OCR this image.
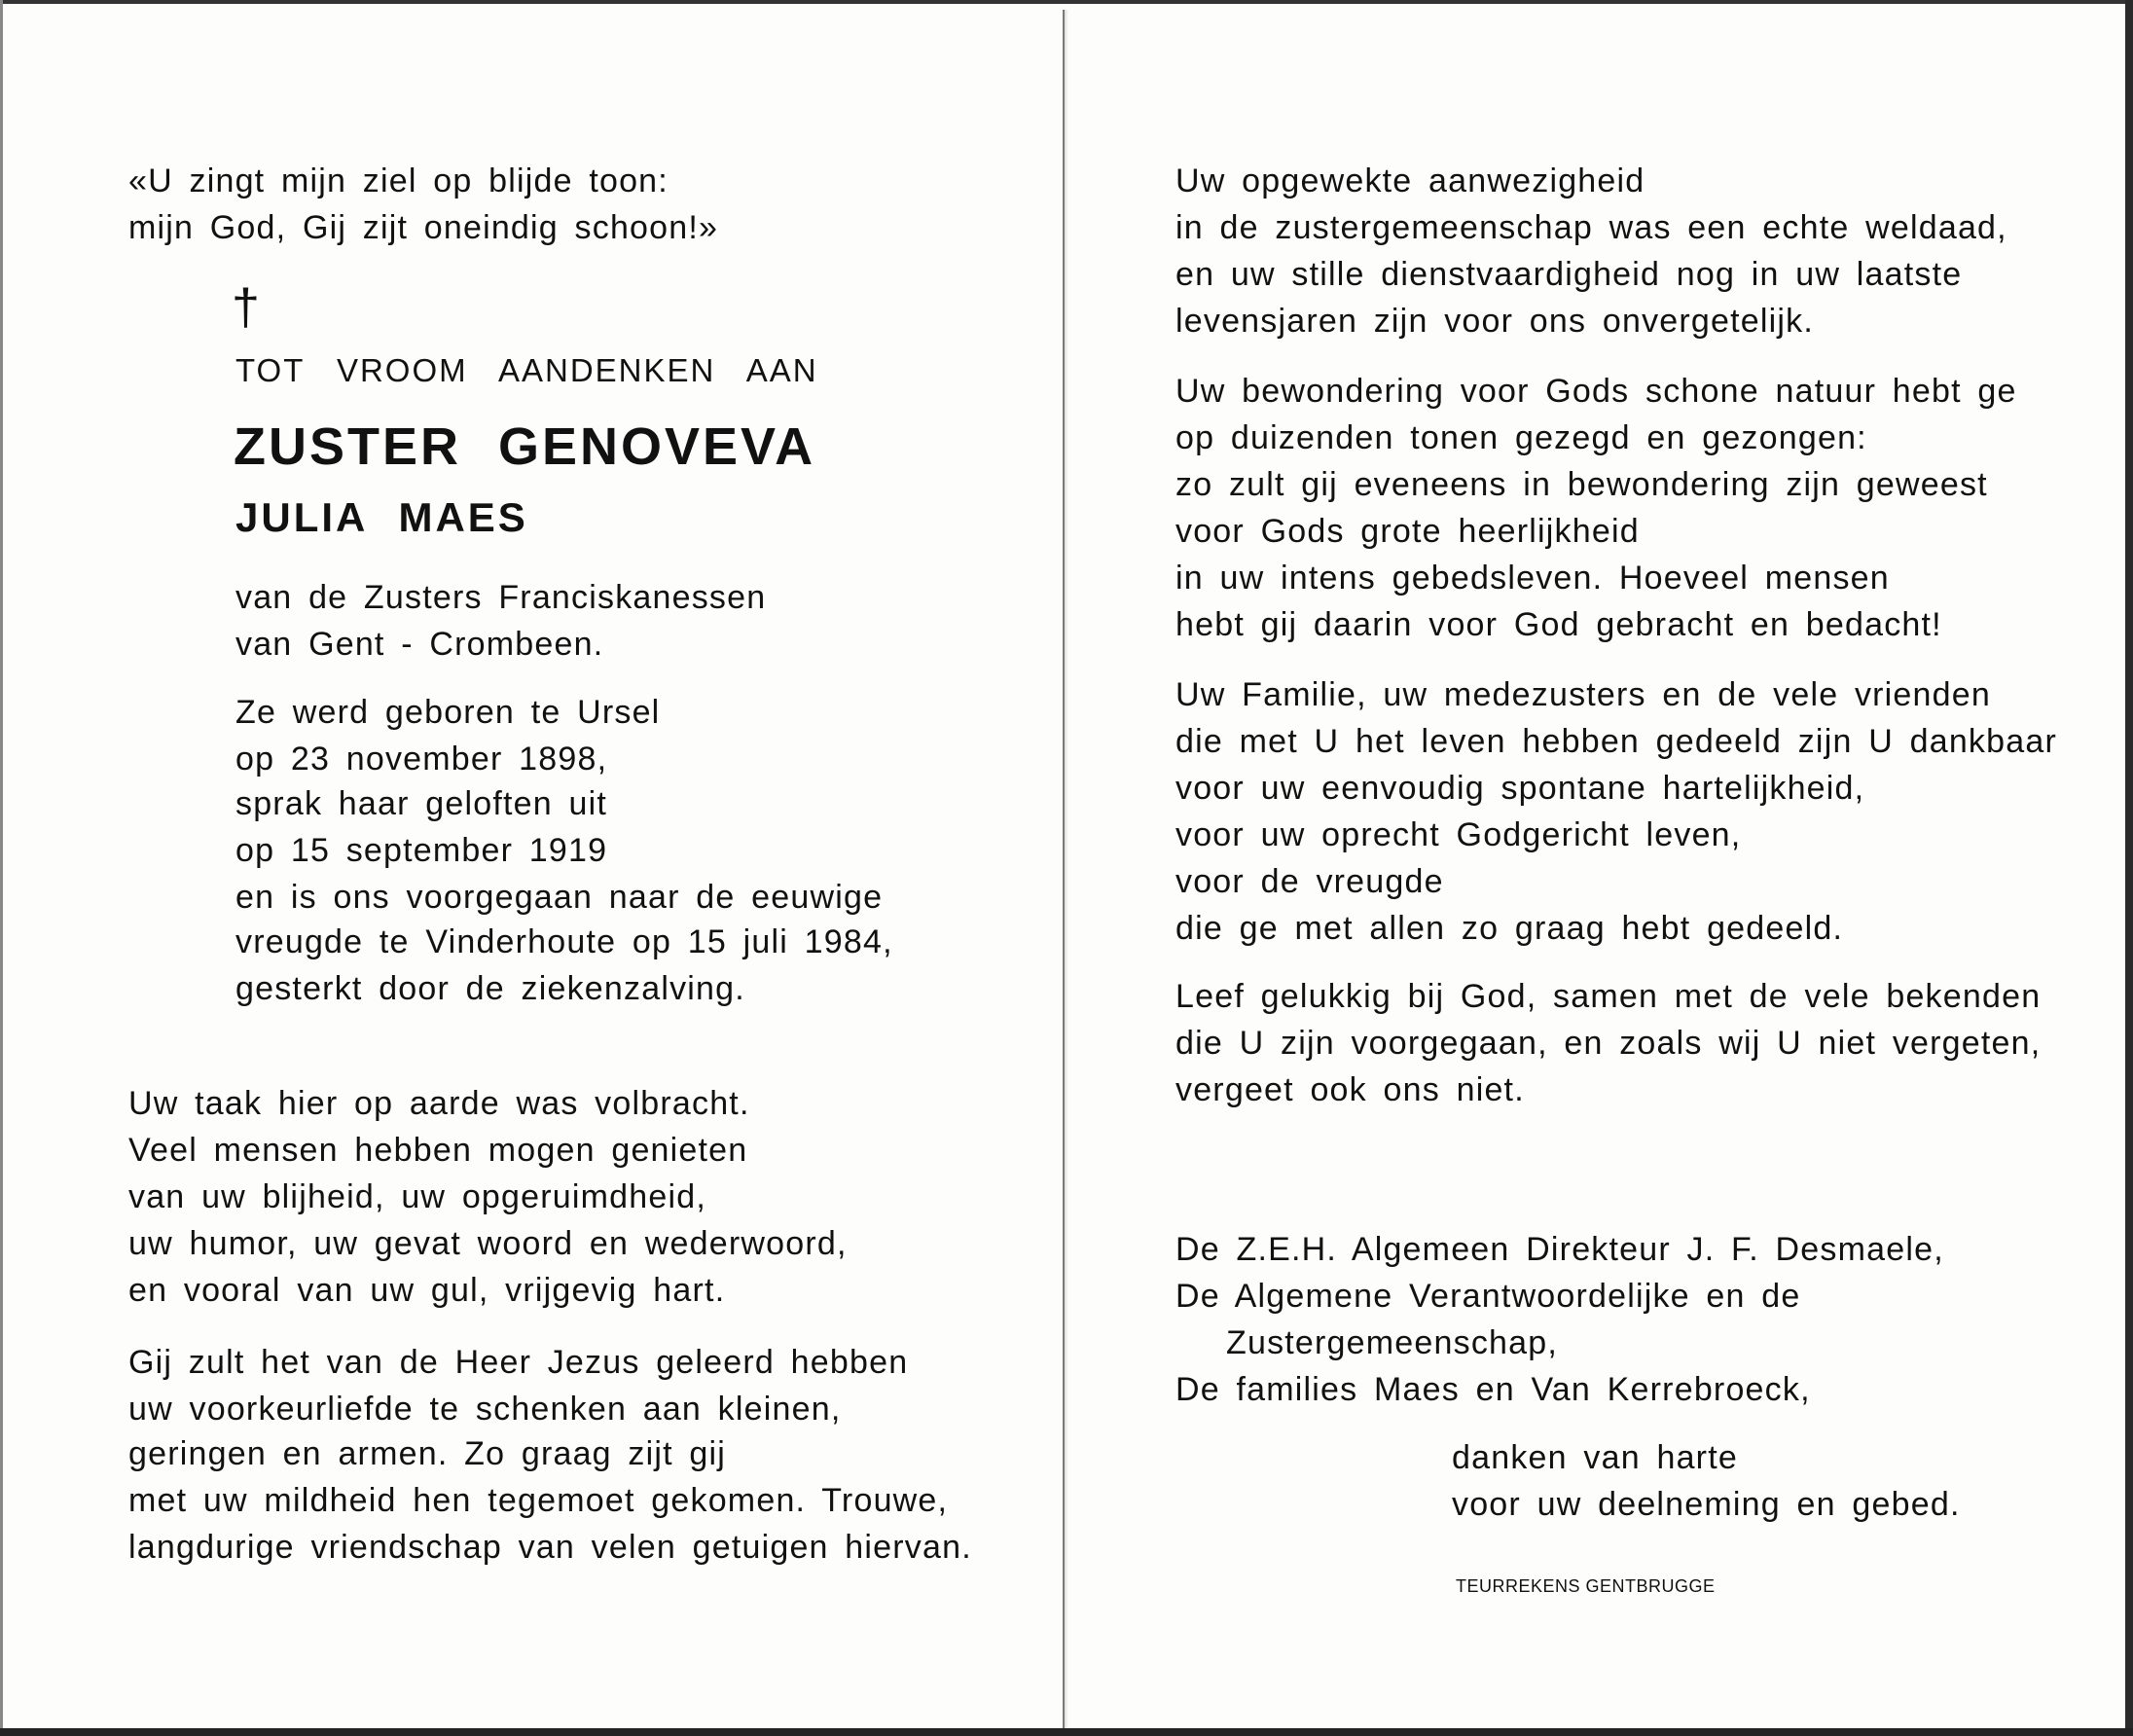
«U zingt mijn ziel op blijde toon:
mijn God, Gij zijt oneindig schoon!»
†
TOT VROOM AANDENKEN AAN
ZUSTER GENOVEVA
JULIA MAES
van de Zusters Franciskanessen
van Gent - Crombeen.
Ze werd geboren te Ursel
op 23 november 1898,
sprak haar geloften uit
op 15 september 1919
en is ons voorgegaan naar de eeuwige
vreugde te Vinderhoute op 15 juli 1984,
gesterkt door de ziekenzalving.
Uw taak hier op aarde was volbracht.
Veel mensen hebben mogen genieten
van uw blijheid, uw opgeruimdheid,
uw humor, uw gevat woord en wederwoord,
en vooral van uw gul, vrijgevig hart.
Gij zult het van de Heer Jezus geleerd hebben
uw voorkeurliefde te schenken aan kleinen,
geringen en armen. Zo graag zijt gij
met uw mildheid hen tegemoet gekomen. Trouwe,
langdurige vriendschap van velen getuigen hiervan.
Uw opgewekte aanwezigheid
in de zustergemeenschap was een echte weldaad,
en uw stille dienstvaardigheid nog in uw laatste
levensjaren zijn voor ons onvergetelijk.
Uw bewondering voor Gods schone natuur hebt ge
op duizenden tonen gezegd en gezongen:
zo zult gij eveneens in bewondering zijn geweest
voor Gods grote heerlijkheid
in uw intens gebedsleven. Hoeveel mensen
hebt gij daarin voor God gebracht en bedacht!
Uw Familie, uw medezusters en de vele vrienden
die met U het leven hebben gedeeld zijn U dankbaar
voor uw eenvoudig spontane hartelijkheid,
voor uw oprecht Godgericht leven,
voor de vreugde
die ge met allen zo graag hebt gedeeld.
Leef gelukkig bij God, samen met de vele bekenden
die U zijn voorgegaan, en zoals wij U niet vergeten,
vergeet ook ons niet.
De Z.E.H. Algemeen Direkteur J. F. Desmaele,
De Algemene Verantwoordelijke en de
Zustergemeenschap,
De families Maes en Van Kerrebroeck,
danken van harte
voor uw deelneming en gebed.
TEURREKENS GENTBRUGGE
